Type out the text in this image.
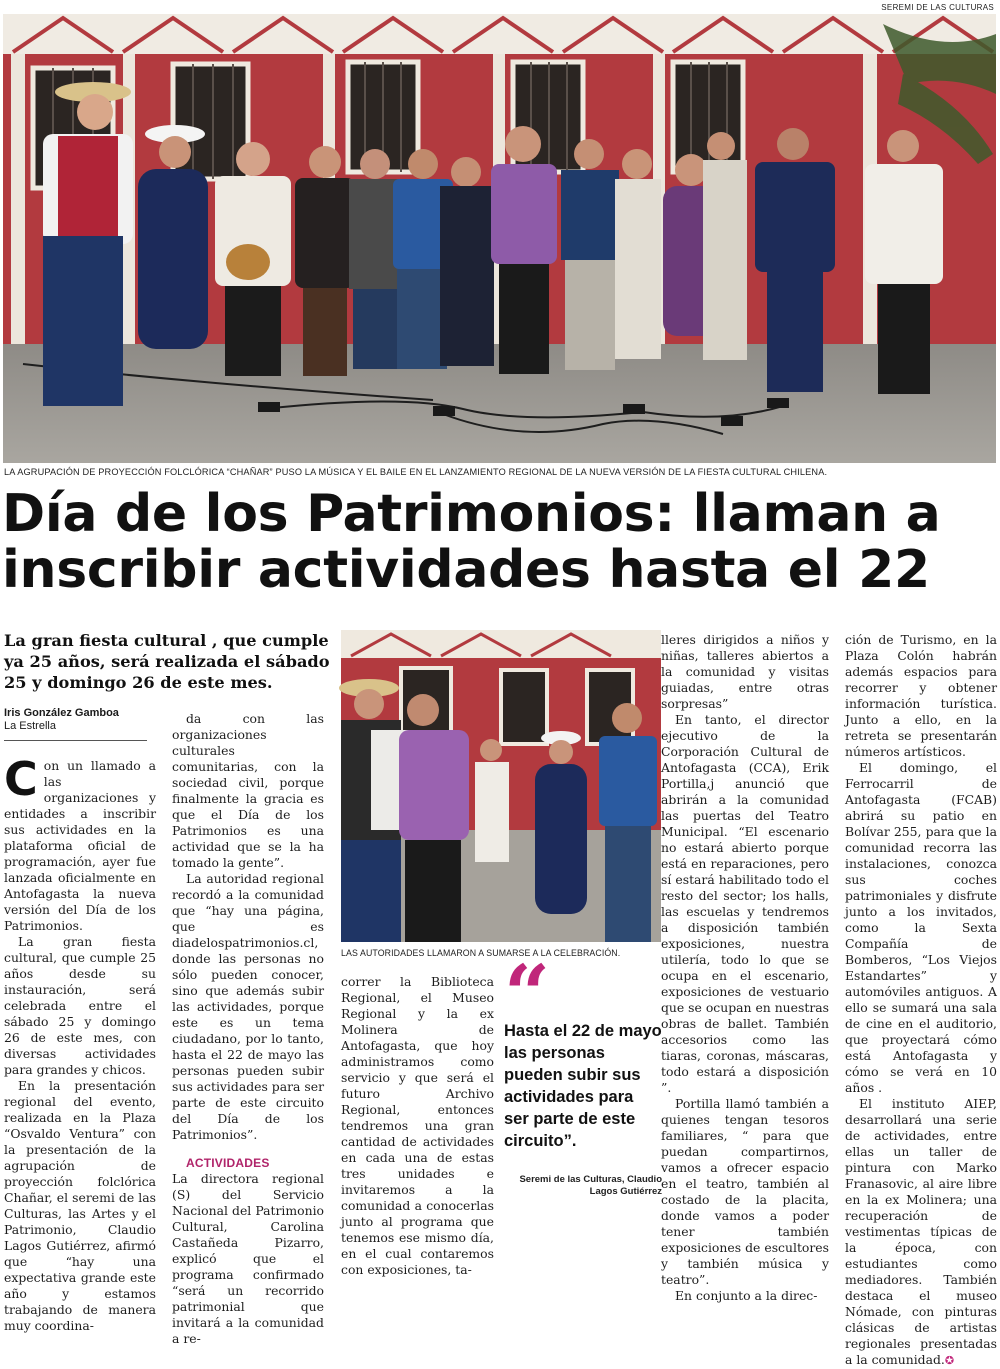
SEREMI DE LAS CULTURAS
LA AGRUPACIÓN DE PROYECCIÓN FOLCLÓRICA “CHAÑAR” PUSO LA MÚSICA Y EL BAILE EN EL LANZAMIENTO REGIONAL DE LA NUEVA VERSIÓN DE LA FIESTA CULTURAL CHILENA.
Día de los Patrimonios: llaman a inscribir actividades hasta el 22
La gran fiesta cultural , que cumple ya 25 años, será realizada el sábado 25 y domingo 26 de este mes.
Iris González Gamboa
La Estrella

Con un llamado a las organizaciones y entidades a inscribir sus actividades en la plataforma oficial de programación, ayer fue lanzada oficialmente en Antofagasta la nueva versión del Día de los Patrimonios.

La gran fiesta cultural, que cumple 25 años desde su instauración, será celebrada entre el sábado 25 y domingo 26 de este mes, con diversas actividades para grandes y chicos.

En la presentación regional del evento, realizada en la Plaza “Osvaldo Ventura” con la presentación de la agrupación de proyección folclórica Chañar, el seremi de las Culturas, las Artes y el Patrimonio, Claudio Lagos Gutiérrez, afirmó que “hay una expectativa grande este año y estamos trabajando de manera muy coordina-

da con las organizaciones culturales comunitarias, con la sociedad civil, porque finalmente la gracia es que el Día de los Patrimonios es una actividad que se la ha tomado la gente”.

La autoridad regional recordó a la comunidad que “hay una página, que es diadelospatrimonios.cl, donde las personas no sólo pueden conocer, sino que además subir las actividades, porque este es un tema ciudadano, por lo tanto, hasta el 22 de mayo las personas pueden subir sus actividades para ser parte de este circuito del Día de los Patrimonios”.

ACTIVIDADES

La directora regional (S) del Servicio Nacional del Patrimonio Cultural, Carolina Castañeda Pizarro, explicó que el programa confirmado “será un recorrido patrimonial que invitará a la comunidad a re-

LAS AUTORIDADES LLAMARON A SUMARSE A LA CELEBRACIÓN.

correr la Biblioteca Regional, el Museo Regional y la ex Molinera de Antofagasta, que hoy administramos como servicio y que será el futuro Archivo Regional, entonces tendremos una gran cantidad de actividades en cada una de estas tres unidades e invitaremos a la comunidad a conocerlas junto al programa que tenemos ese mismo día, en el cual contaremos con exposiciones, ta-

“
Hasta el 22 de mayo las personas pueden subir sus actividades para ser parte de este circuito”.
Seremi de las Culturas, Claudio Lagos Gutiérrez

lleres dirigidos a niños y niñas, talleres abiertos a la comunidad y visitas guiadas, entre otras sorpresas”

En tanto, el director ejecutivo de la Corporación Cultural de Antofagasta (CCA), Erik Portilla,j anunció que abrirán a la comunidad las puertas del Teatro Municipal. “El escenario no estará abierto porque está en reparaciones, pero sí estará habilitado todo el resto del sector; los halls, las escuelas y tendremos a disposición también exposiciones, nuestra utilería, todo lo que se ocupa en el escenario, exposiciones de vestuario que se ocupan en nuestras obras de ballet. También accesorios como las tiaras, coronas, máscaras, todo estará a disposición ”.

Portilla llamó también a quienes tengan tesoros familiares, “ para que puedan compartirnos, vamos a ofrecer espacio en el teatro, también al costado de la placita, donde vamos a poder tener también exposiciones de escultores y también música y teatro”.

En conjunto a la direc-

ción de Turismo, en la Plaza Colón habrán además espacios para recorrer y obtener información turística. Junto a ello, en la retreta se presentarán números artísticos.

El domingo, el Ferrocarril de Antofagasta (FCAB) abrirá su patio en Bolívar 255, para que la comunidad recorra las instalaciones, conozca sus coches patrimoniales y disfrute junto a los invitados, como la Sexta Compañía de Bomberos, “Los Viejos Estandartes” y automóviles antiguos. A ello se sumará una sala de cine en el auditorio, que proyectará cómo está Antofagasta y cómo se verá en 10 años .

El instituto AIEP, desarrollará una serie de actividades, entre ellas un taller de pintura con Marko Franasovic, al aire libre en la ex Molinera; una recuperación de vestimentas típicas de la época, con estudiantes como mediadores. También destaca el museo Nómade, con pinturas clásicas de artistas regionales presentadas a la comunidad.✪
